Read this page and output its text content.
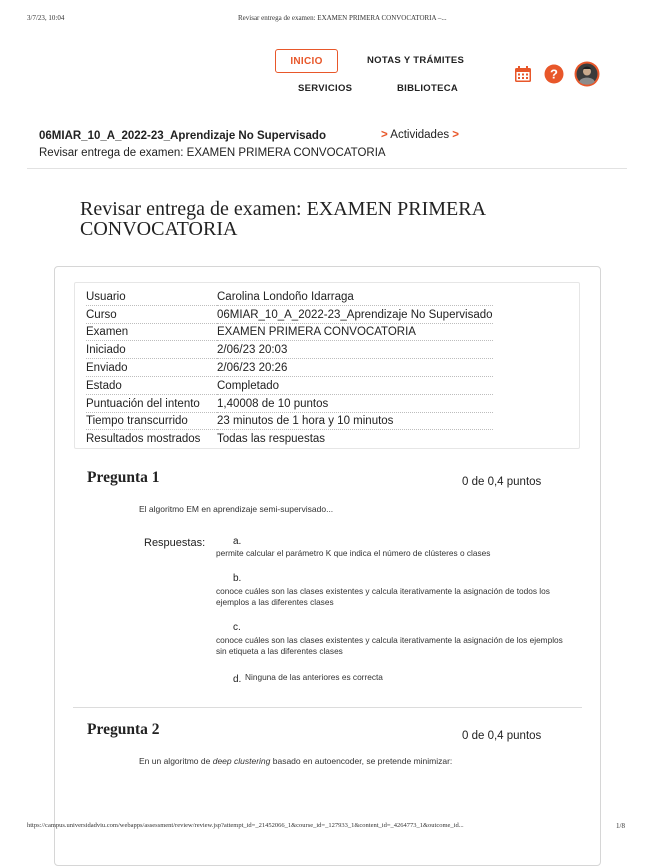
3/7/23, 10:04	Revisar entrega de examen: EXAMEN PRIMERA CONVOCATORIA –...
INICIO	NOTAS Y TRÁMITES
SERVICIOS	BIBLIOTECA
?
06MIAR_10_A_2022-23_Aprendizaje No Supervisado	> Actividades >
Revisar entrega de examen: EXAMEN PRIMERA CONVOCATORIA
Revisar entrega de examen: EXAMEN PRIMERA CONVOCATORIA
Usuario	Carolina Londoño Idarraga
Curso	06MIAR_10_A_2022-23_Aprendizaje No Supervisado
Examen	EXAMEN PRIMERA CONVOCATORIA
Iniciado	2/06/23 20:03
Enviado	2/06/23 20:26
Estado	Completado
Puntuación del intento	1,40008 de 10 puntos
Tiempo transcurrido	23 minutos de 1 hora y 10 minutos
Resultados mostrados	Todas las respuestas
Pregunta 1	0 de 0,4 puntos
El algoritmo EM en aprendizaje semi-supervisado...
Respuestas:	a.
permite calcular el parámetro K que indica el número de clústeres o clases
b.
conoce cuáles son las clases existentes y calcula iterativamente la asignación de todos los ejemplos a las diferentes clases
c.
conoce cuáles son las clases existentes y calcula iterativamente la asignación de los ejemplos sin etiqueta a las diferentes clases
d. Ninguna de las anteriores es correcta
Pregunta 2	0 de 0,4 puntos
En un algoritmo de deep clustering basado en autoencoder, se pretende minimizar:
https://campus.universidadviu.com/webapps/assessment/review/review.jsp?attempt_id=_21452066_1&course_id=_127933_1&content_id=_4264773_1&outcome_id...	1/8
